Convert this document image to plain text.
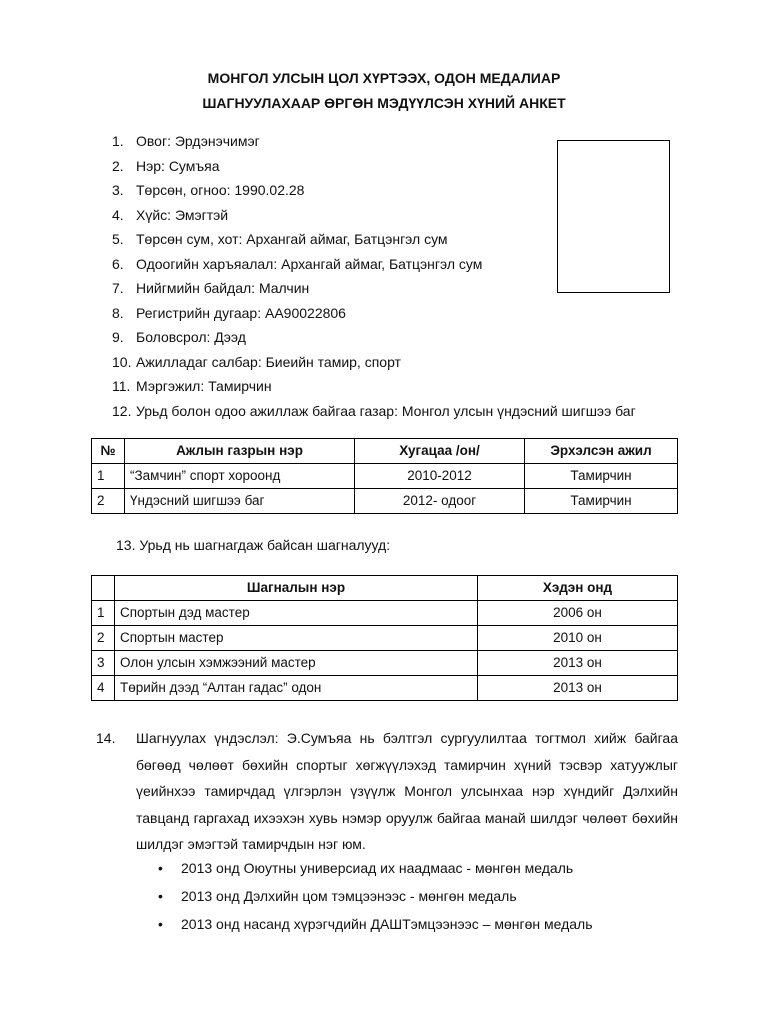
МОНГОЛ УЛСЫН ЦОЛ ХҮРТЭЭХ, ОДОН МЕДАЛИАР
ШАГНУУЛАХААР ӨРГӨН МЭДҮҮЛСЭН ХҮНИЙ АНКЕТ
1. Овог: Эрдэнэчимэг
2. Нэр: Сумъяа
3. Төрсөн, огноо: 1990.02.28
4. Хүйс: Эмэгтэй
5. Төрсөн сум, хот: Архангай аймаг, Батцэнгэл сум
6. Одоогийн харъяалал: Архангай аймаг, Батцэнгэл сум
7. Нийгмийн байдал: Малчин
8. Регистрийн дугаар: АА90022806
9. Боловсрол: Дээд
10. Ажилладаг салбар: Биеийн тамир, спорт
11. Мэргэжил: Тамирчин
12. Урьд болон одоо ажиллаж байгаа газар: Монгол улсын үндэсний шигшээ баг
№	Ажлын газрын нэр	Хугацаа /он/	Эрхэлсэн ажил
1	“Замчин” спорт хороонд	2010-2012	Тамирчин
2	Үндэсний шигшээ баг	2012- одоог	Тамирчин
13. Урьд нь шагнагдаж байсан шагналууд:
	Шагналын нэр	Хэдэн онд
1	Спортын дэд мастер	2006 он
2	Спортын мастер	2010 он
3	Олон улсын хэмжээний мастер	2013 он
4	Төрийн дээд “Алтан гадас” одон	2013 он
14. Шагнуулах үндэслэл: Э.Сумъяа нь бэлтгэл сургуулилтаа тогтмол хийж байгаа бөгөөд чөлөөт бөхийн спортыг хөгжүүлэхэд тамирчин хүний тэсвэр хатуужлыг үеийнхээ тамирчдад үлгэрлэн үзүүлж Монгол улсынхаа нэр хүндийг Дэлхийн тавцанд гаргахад ихээхэн хувь нэмэр оруулж байгаа манай шилдэг чөлөөт бөхийн шилдэг эмэгтэй тамирчдын нэг юм.
• 2013 онд Оюутны универсиад их наадмаас - мөнгөн медаль
• 2013 онд Дэлхийн цом тэмцээнээс - мөнгөн медаль
• 2013 онд насанд хүрэгчдийн ДАШТэмцээнээс – мөнгөн медаль
